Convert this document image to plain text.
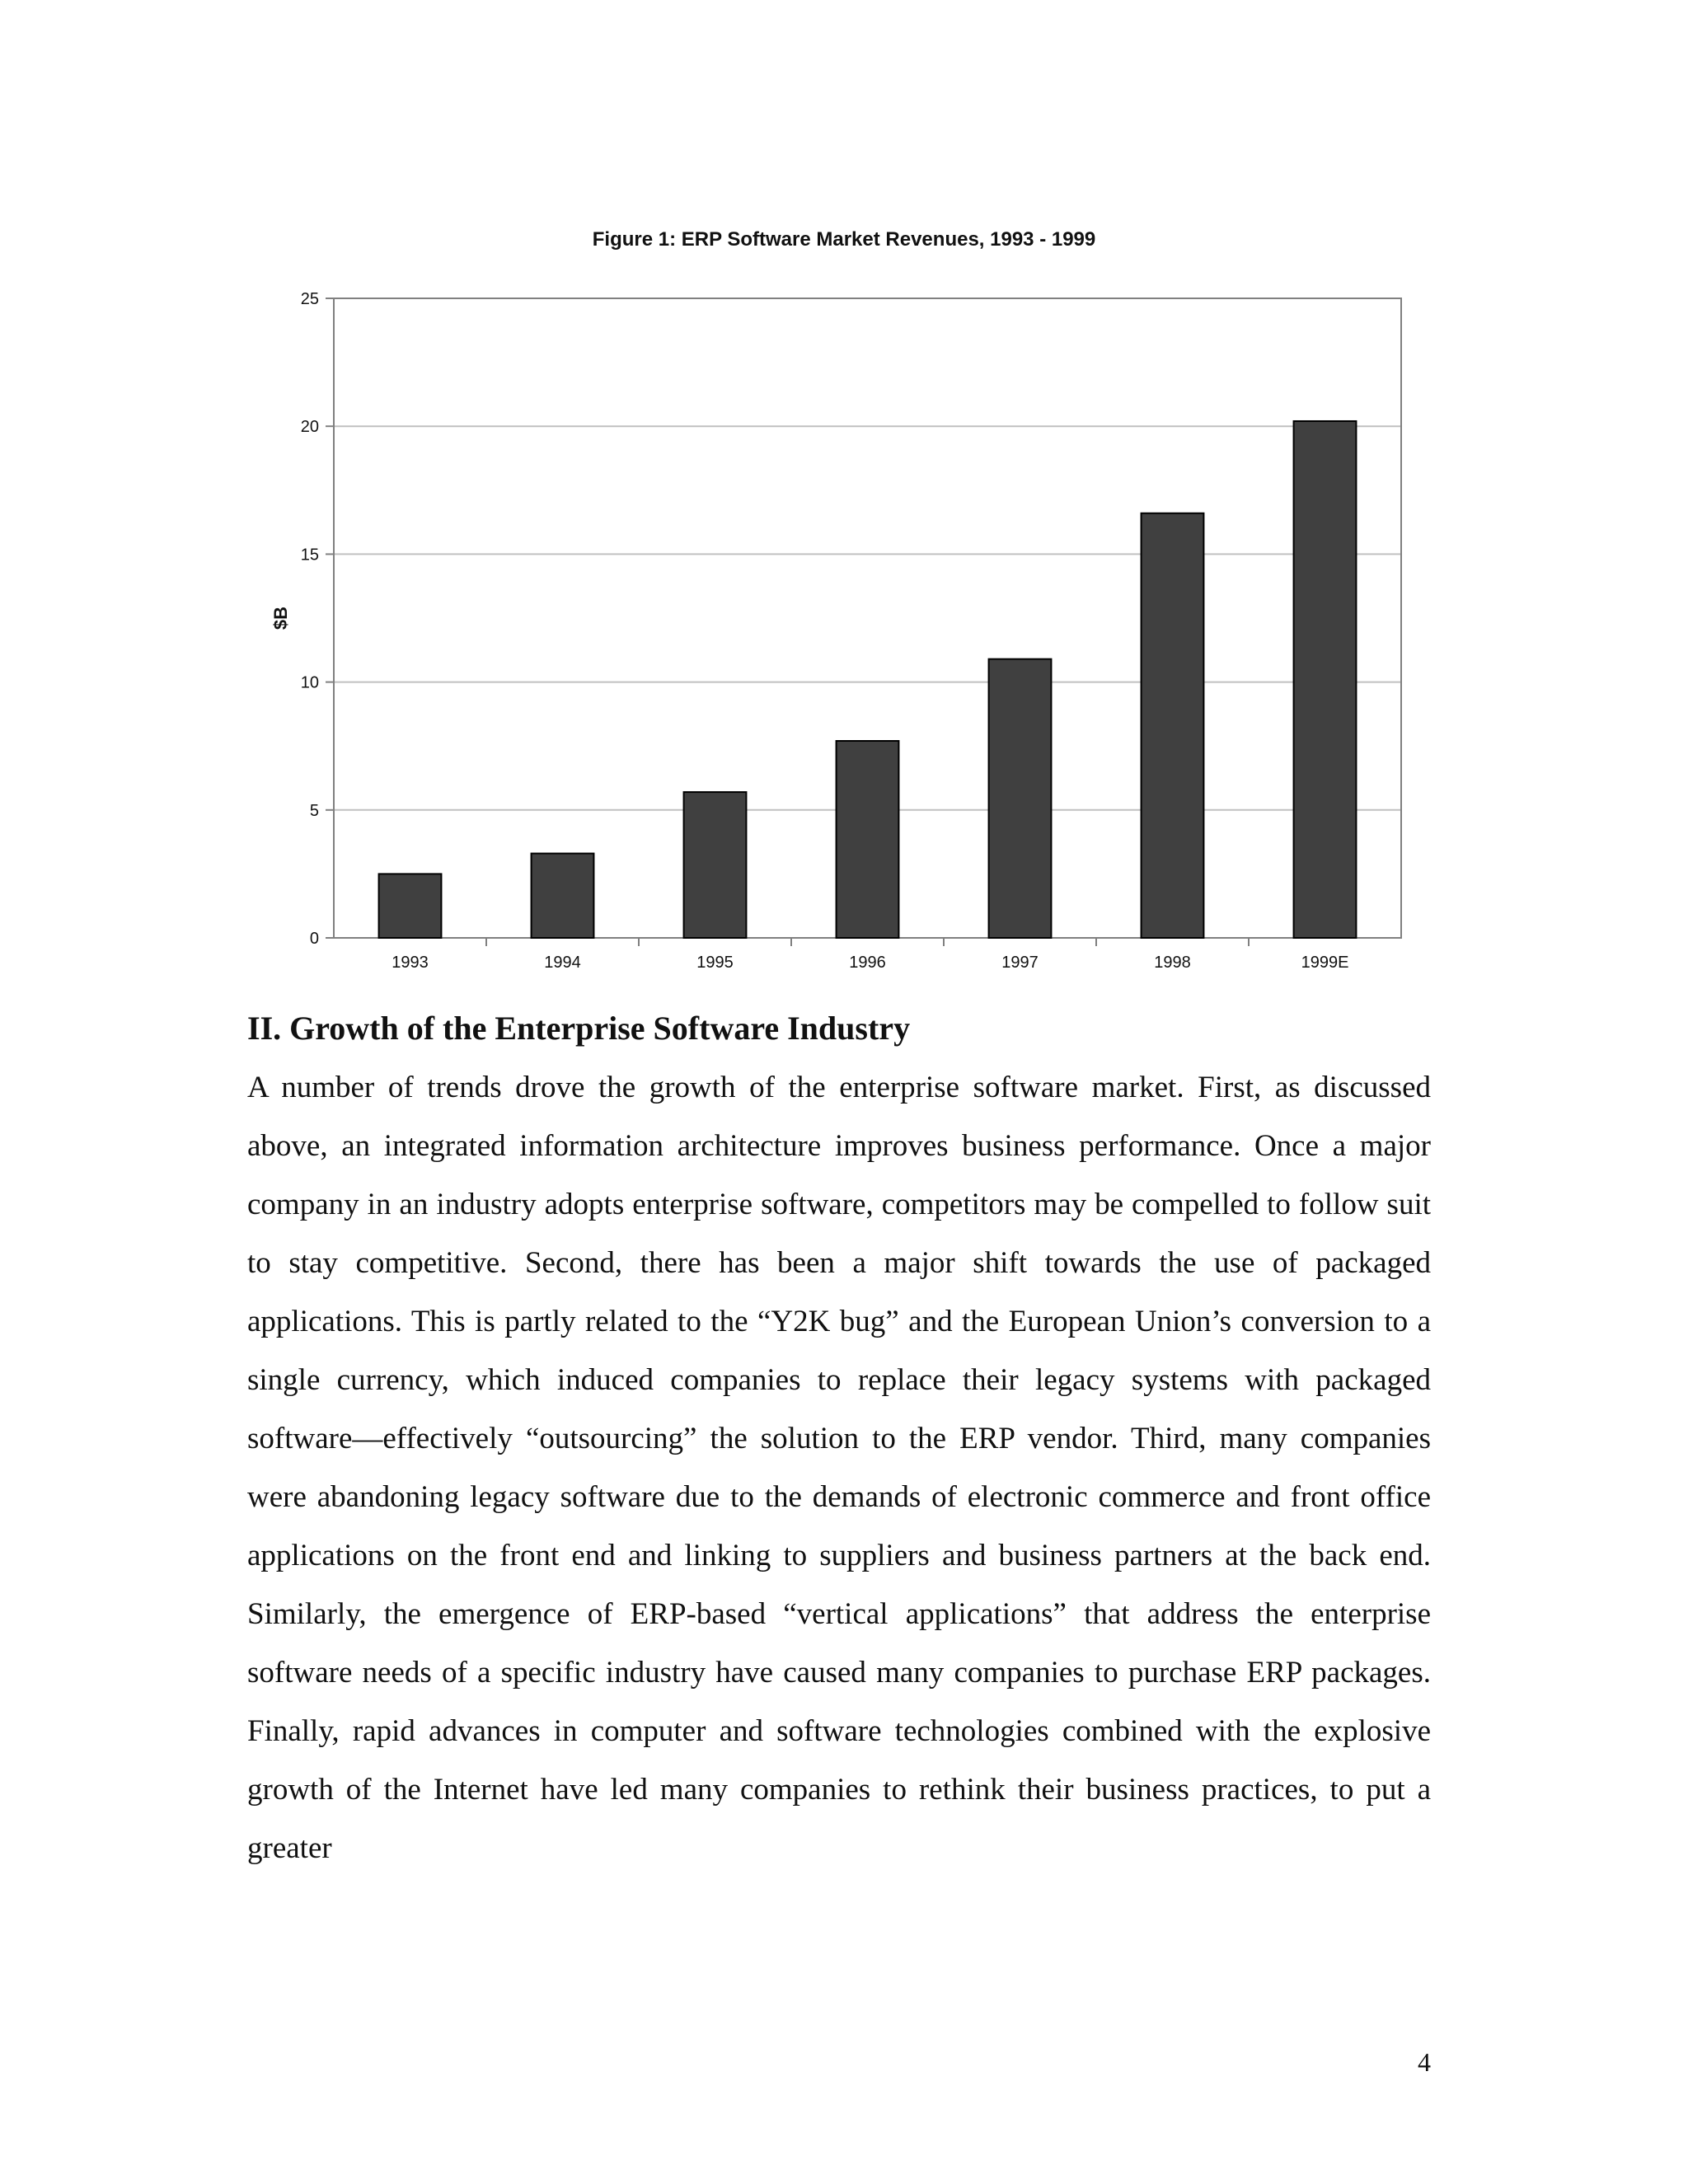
Figure 1: ERP Software Market Revenues, 1993 - 1999
0
5
10
15
20
25
1993	1994	1995	1996	1997	1998	1999E
$B
II. Growth of the Enterprise Software Industry

A number of trends drove the growth of the enterprise software market. First, as discussed above, an integrated information architecture improves business performance. Once a major company in an industry adopts enterprise software, competitors may be compelled to follow suit to stay competitive. Second, there has been a major shift towards the use of packaged applications. This is partly related to the “Y2K bug” and the European Union’s conversion to a single currency, which induced companies to replace their legacy systems with packaged software—effectively “outsourcing” the solution to the ERP vendor. Third, many companies were abandoning legacy software due to the demands of electronic commerce and front office applications on the front end and linking to suppliers and business partners at the back end. Similarly, the emergence of ERP-based “vertical applications” that address the enterprise software needs of a specific industry have caused many companies to purchase ERP packages. Finally, rapid advances in computer and software technologies combined with the explosive growth of the Internet have led many companies to rethink their business practices, to put a greater

4
